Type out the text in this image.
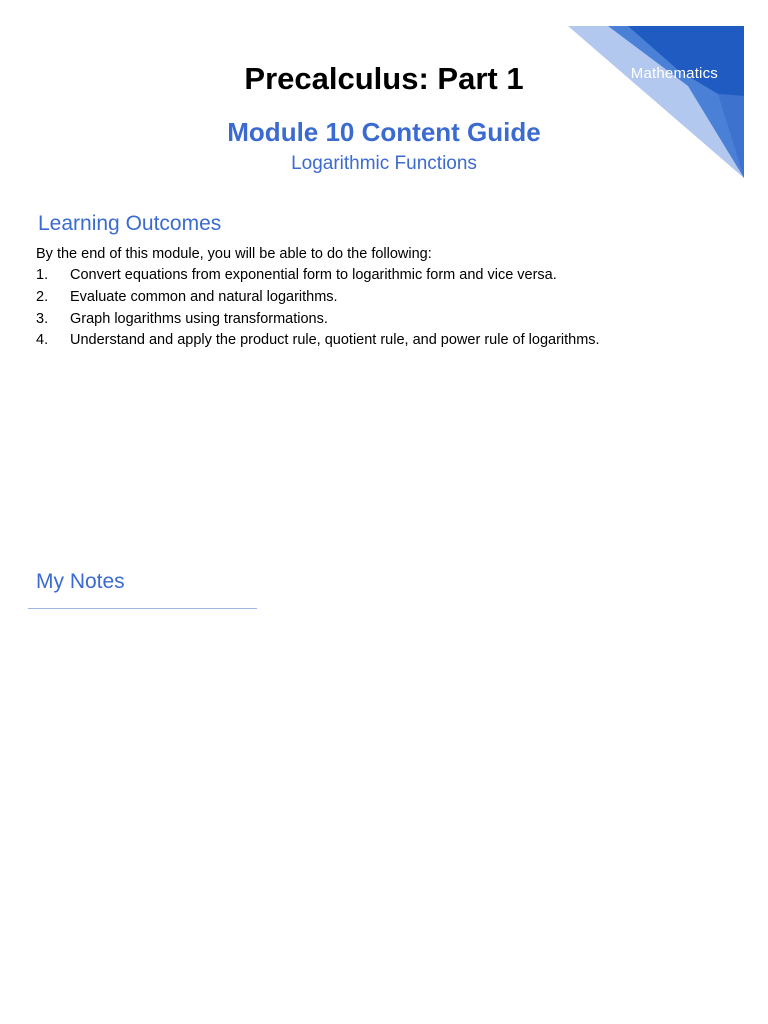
Mathematics
Precalculus: Part 1
Module 10 Content Guide

Logarithmic Functions

Learning Outcomes

By the end of this module, you will be able to do the following:

1.	Convert equations from exponential form to logarithmic form and vice versa.
2.	Evaluate common and natural logarithms.
3.	Graph logarithms using transformations.
4.	Understand and apply the product rule, quotient rule, and power rule of logarithms.
My Notes
